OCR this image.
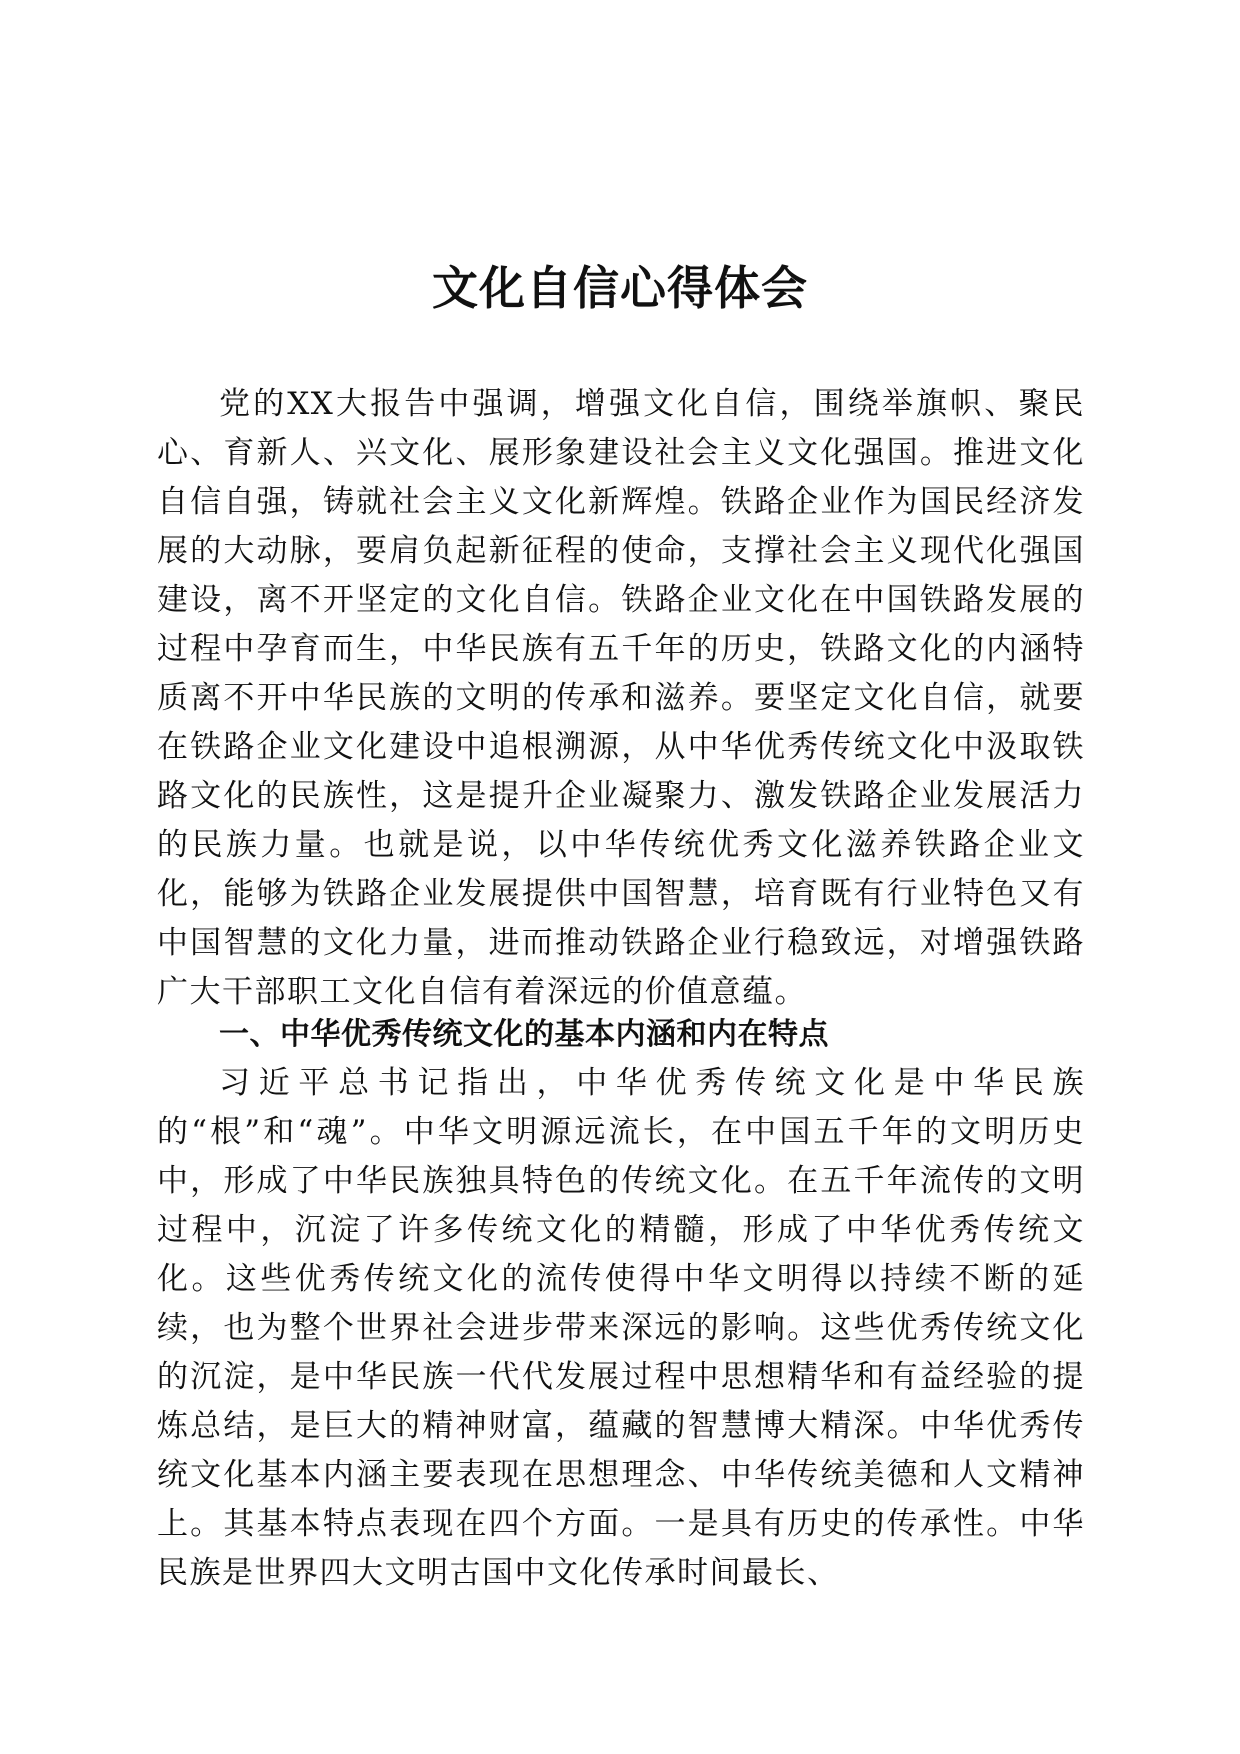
文化自信心得体会

党的XX大报告中强调，增强文化自信，围绕举旗帜、聚民心、育新人、兴文化、展形象建设社会主义文化强国。推进文化自信自强，铸就社会主义文化新辉煌。铁路企业作为国民经济发展的大动脉，要肩负起新征程的使命，支撑社会主义现代化强国建设，离不开坚定的文化自信。铁路企业文化在中国铁路发展的过程中孕育而生，中华民族有五千年的历史，铁路文化的内涵特质离不开中华民族的文明的传承和滋养。要坚定文化自信，就要在铁路企业文化建设中追根溯源，从中华优秀传统文化中汲取铁路文化的民族性，这是提升企业凝聚力、激发铁路企业发展活力的民族力量。也就是说，以中华传统优秀文化滋养铁路企业文化，能够为铁路企业发展提供中国智慧，培育既有行业特色又有中国智慧的文化力量，进而推动铁路企业行稳致远，对增强铁路广大干部职工文化自信有着深远的价值意蕴。

一、中华优秀传统文化的基本内涵和内在特点

习近平总书记指出，中华优秀传统文化是中华民族的“根”和“魂”。中华文明源远流长，在中国五千年的文明历史中，形成了中华民族独具特色的传统文化。在五千年流传的文明过程中，沉淀了许多传统文化的精髓，形成了中华优秀传统文化。这些优秀传统文化的流传使得中华文明得以持续不断的延续，也为整个世界社会进步带来深远的影响。这些优秀传统文化的沉淀，是中华民族一代代发展过程中思想精华和有益经验的提炼总结，是巨大的精神财富，蕴藏的智慧博大精深。中华优秀传统文化基本内涵主要表现在思想理念、中华传统美德和人文精神上。其基本特点表现在四个方面。一是具有历史的传承性。中华民族是世界四大文明古国中文化传承时间最长、
